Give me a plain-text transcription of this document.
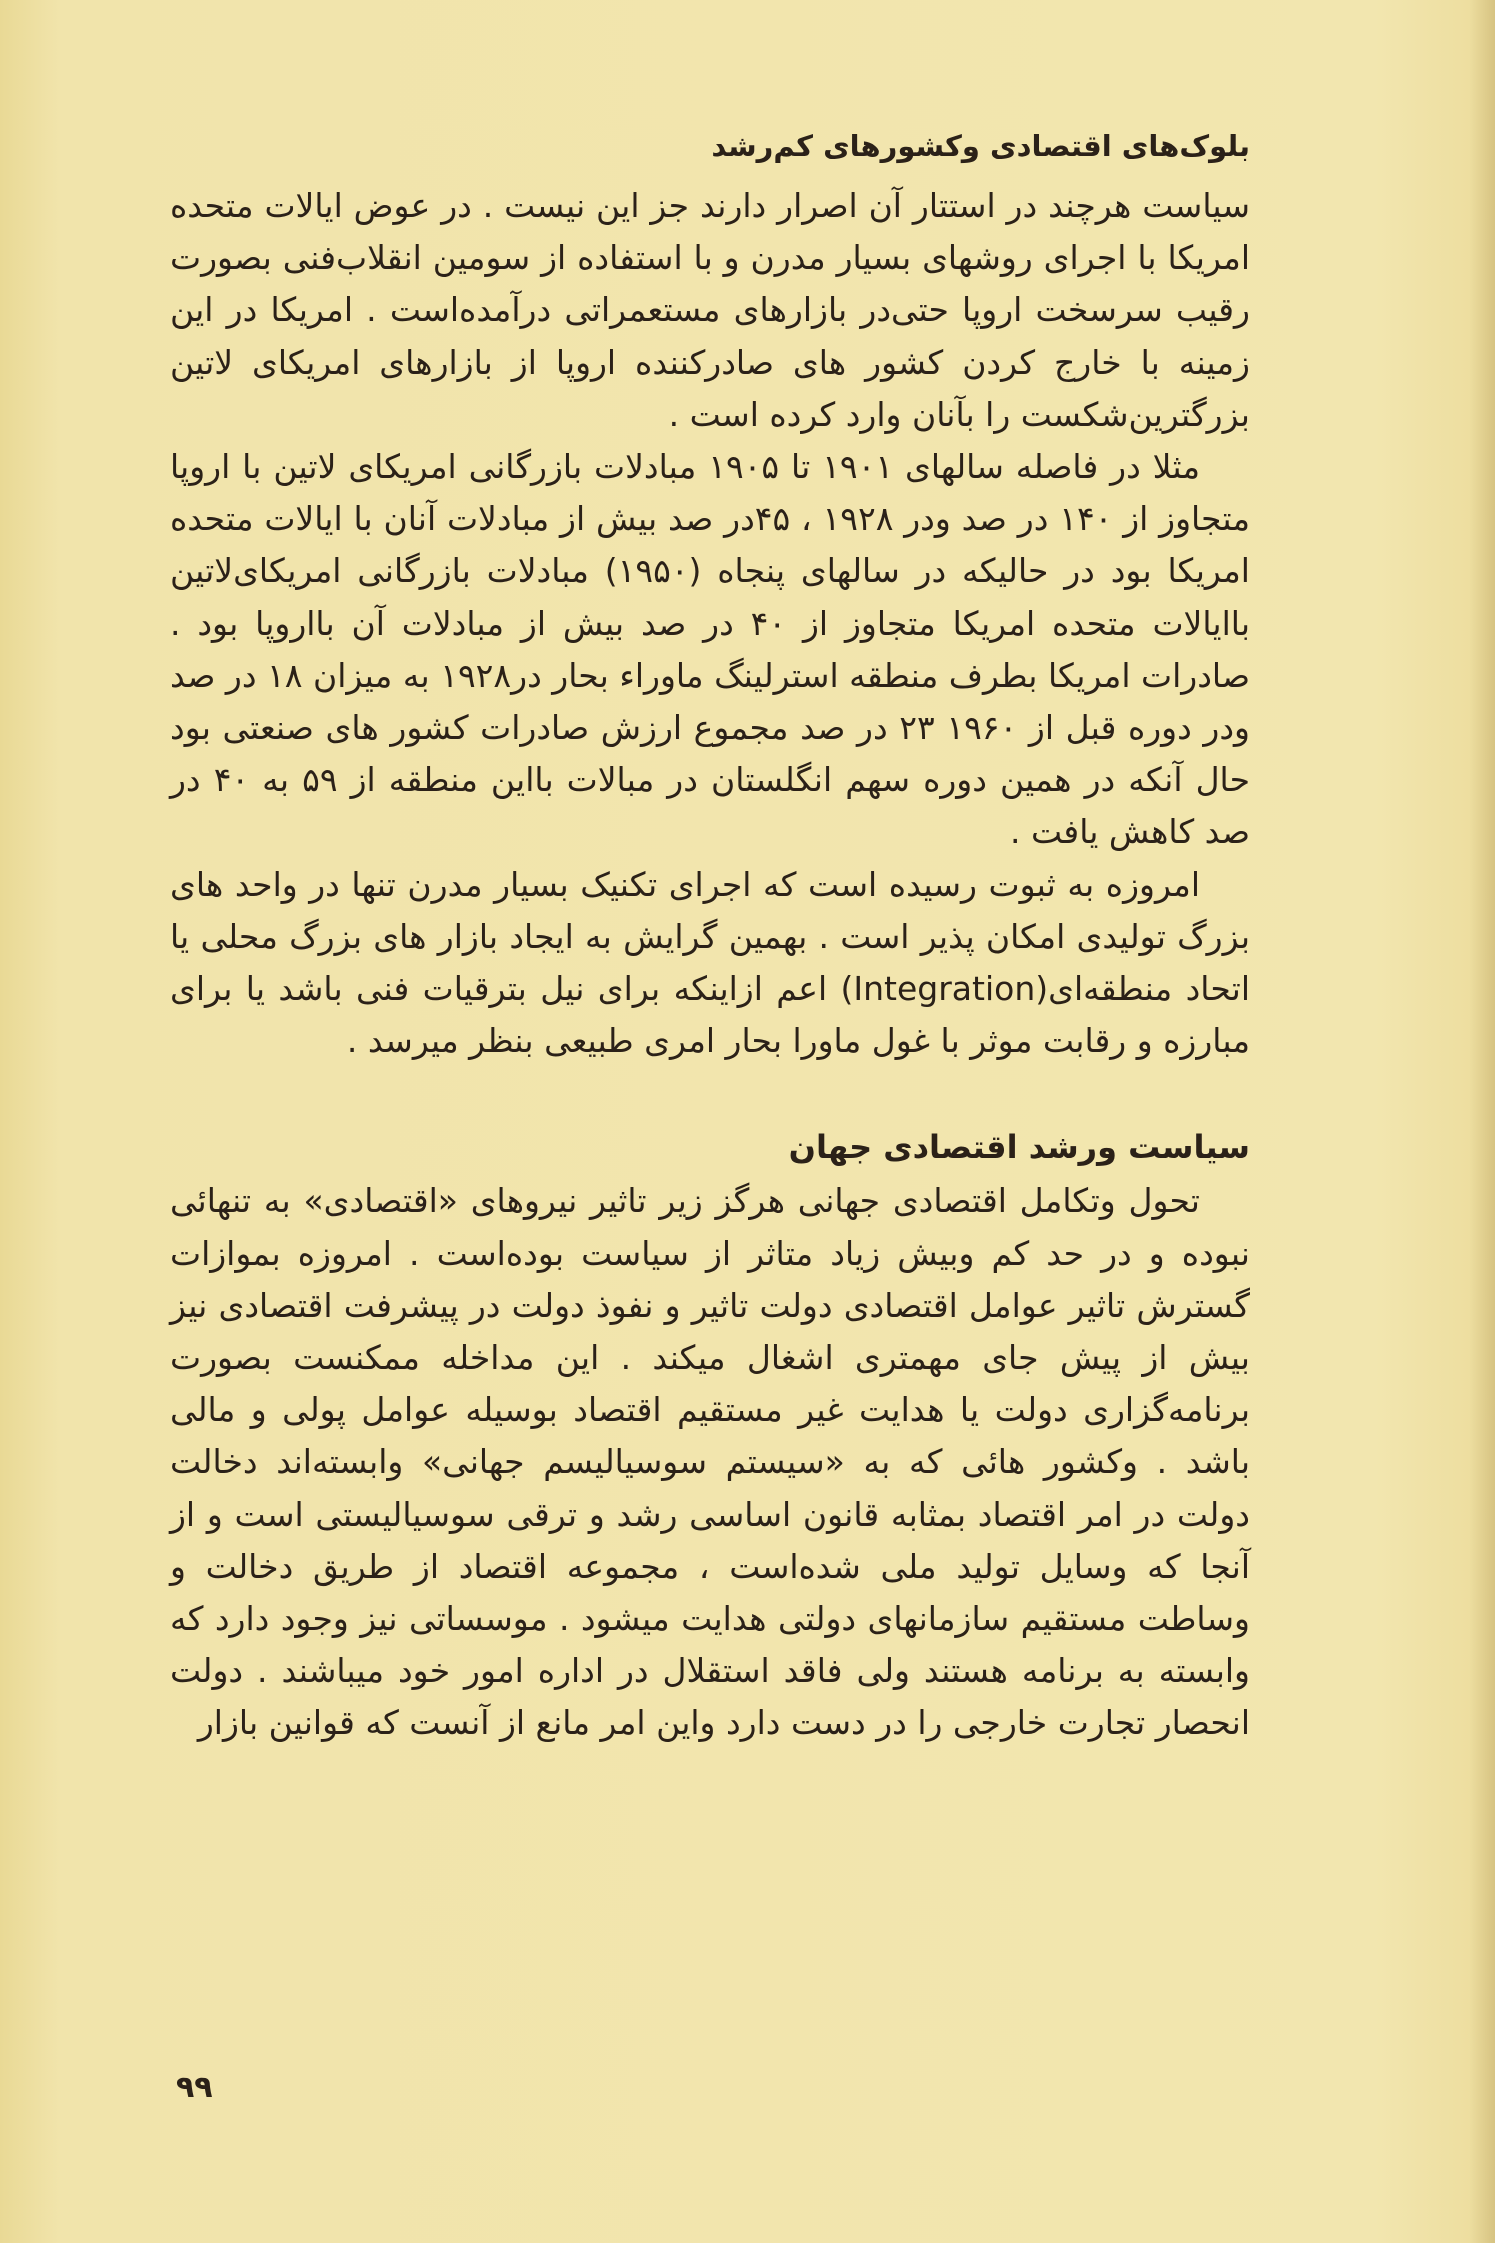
بلوک‌های اقتصادی وکشورهای کم‌رشد

سیاست هرچند در استتار آن اصرار دارند جز این نیست . در عوض ایالات متحده امریکا با اجرای روشهای بسیار مدرن و با استفاده از سومین انقلاب‌فنی بصورت رقیب سرسخت اروپا حتی‌در بازارهای مستعمراتی درآمده‌است . امریکا در این زمینه با خارج کردن کشور های صادرکننده اروپا از بازارهای امریکای لاتین بزرگترین‌شکست را بآنان وارد کرده است .

مثلا در فاصله سالهای ۱۹۰۱ تا ۱۹۰۵ مبادلات بازرگانی امریکای لاتین با اروپا متجاوز از ۱۴۰ در صد ودر ۱۹۲۸ ، ۴۵در صد بیش از مبادلات آنان با ایالات متحده امریکا بود در حالیکه در سالهای پنجاه (۱۹۵۰) مبادلات بازرگانی امریکای‌لاتین باایالات متحده امریکا متجاوز از ۴۰ در صد بیش از مبادلات آن بااروپا بود . صادرات امریکا بطرف منطقه استرلینگ ماوراء بحار در۱۹۲۸ به میزان ۱۸ در صد ودر دوره قبل از ۱۹۶۰ ۲۳ در صد مجموع ارزش صادرات کشور های صنعتی بود حال آنکه در همین دوره سهم انگلستان در مبالات بااین منطقه از ۵۹ به ۴۰ در صد کاهش یافت .

امروزه به ثبوت رسیده است که اجرای تکنیک بسیار مدرن تنها در واحد های بزرگ تولیدی امکان پذیر است . بهمین گرایش به ایجاد بازار های بزرگ محلی یا اتحاد منطقه‌ای(Integration) اعم ازاینکه برای نیل بترقیات فنی باشد یا برای مبارزه و رقابت موثر با غول ماورا بحار امری طبیعی بنظر میرسد .

سیاست ورشد اقتصادی جهان

تحول وتکامل اقتصادی جهانی هرگز زیر تاثیر نیروهای «اقتصادی» به تنهائی نبوده و در حد کم وبیش زیاد متاثر از سیاست بوده‌است . امروزه بموازات گسترش تاثیر عوامل اقتصادی دولت تاثیر و نفوذ دولت در پیشرفت اقتصادی نیز بیش از پیش جای مهمتری اشغال میکند . این مداخله ممکنست بصورت برنامه‌گزاری دولت یا هدایت غیر مستقیم اقتصاد بوسیله عوامل پولی و مالی باشد . وکشور هائی که به «سیستم سوسیالیسم جهانی» وابسته‌اند دخالت دولت در امر اقتصاد بمثابه قانون اساسی رشد و ترقی سوسیالیستی است و از آنجا که وسایل تولید ملی شده‌است ، مجموعه اقتصاد از طریق دخالت و وساطت مستقیم سازمانهای دولتی هدایت میشود . موسساتی نیز وجود دارد که وابسته به برنامه هستند ولی فاقد استقلال در اداره امور خود میباشند . دولت انحصار تجارت خارجی را در دست دارد واین امر مانع از آنست که قوانین بازار

۹۹
